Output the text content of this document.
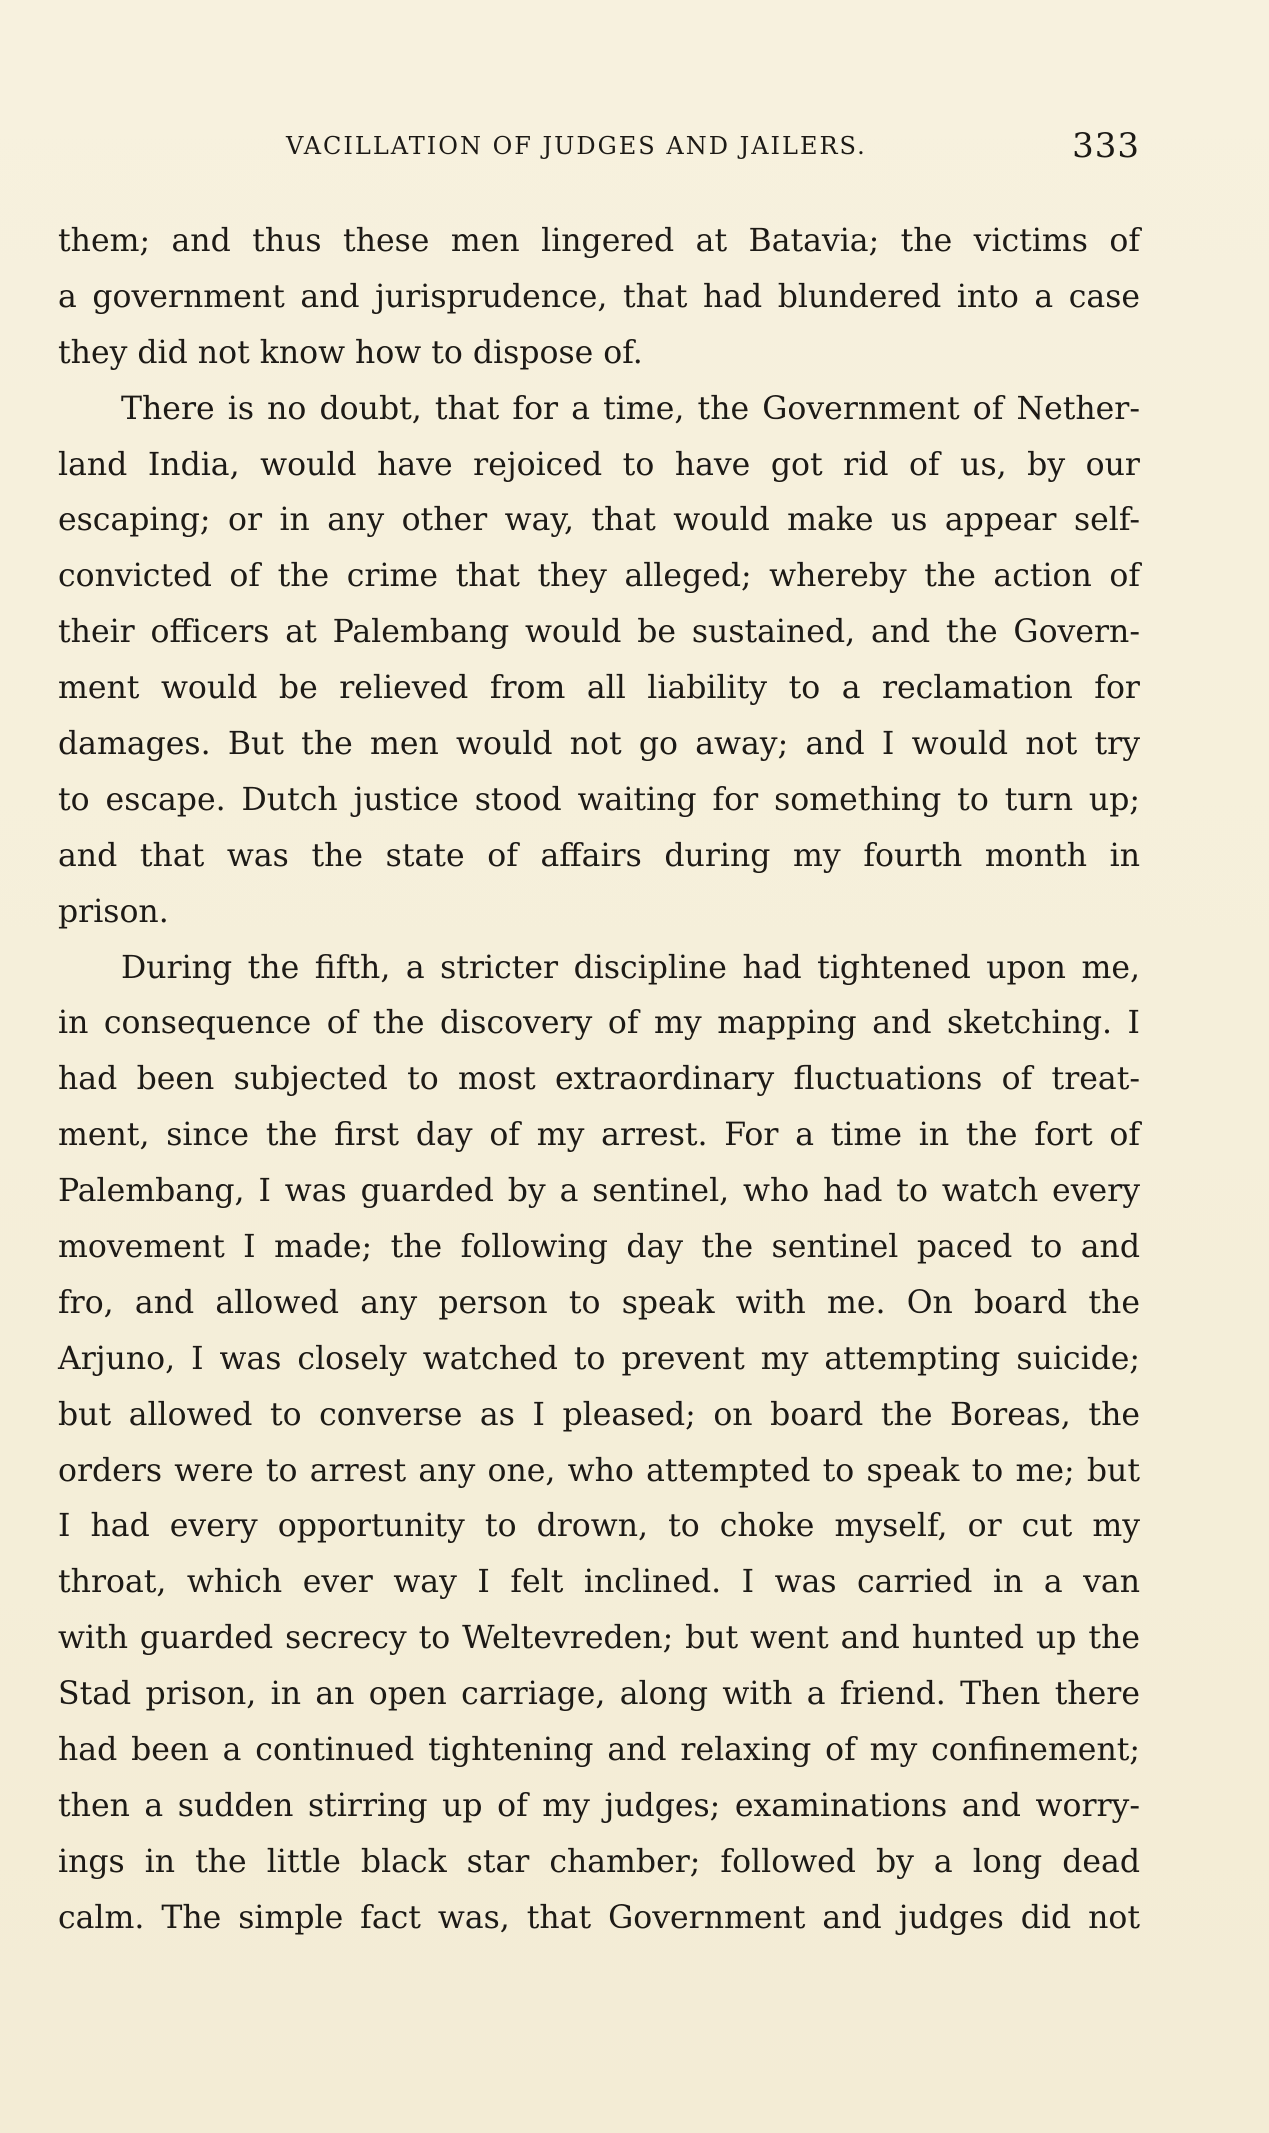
VACILLATION OF JUDGES AND JAILERS.	333
them; and thus these men lingered at Batavia; the victims of
a government and jurisprudence, that had blundered into a case
they did not know how to dispose of.
There is no doubt, that for a time, the Government of Nether-
land India, would have rejoiced to have got rid of us, by our
escaping; or in any other way, that would make us appear self-
convicted of the crime that they alleged; whereby the action of
their officers at Palembang would be sustained, and the Govern-
ment would be relieved from all liability to a reclamation for
damages. But the men would not go away; and I would not try
to escape. Dutch justice stood waiting for something to turn up;
and that was the state of affairs during my fourth month in
prison.
During the fifth, a stricter discipline had tightened upon me,
in consequence of the discovery of my mapping and sketching. I
had been subjected to most extraordinary fluctuations of treat-
ment, since the first day of my arrest. For a time in the fort of
Palembang, I was guarded by a sentinel, who had to watch every
movement I made; the following day the sentinel paced to and
fro, and allowed any person to speak with me. On board the
Arjuno, I was closely watched to prevent my attempting suicide;
but allowed to converse as I pleased; on board the Boreas, the
orders were to arrest any one, who attempted to speak to me; but
I had every opportunity to drown, to choke myself, or cut my
throat, which ever way I felt inclined. I was carried in a van
with guarded secrecy to Weltevreden; but went and hunted up the
Stad prison, in an open carriage, along with a friend. Then there
had been a continued tightening and relaxing of my confinement;
then a sudden stirring up of my judges; examinations and worry-
ings in the little black star chamber; followed by a long dead
calm. The simple fact was, that Government and judges did not
